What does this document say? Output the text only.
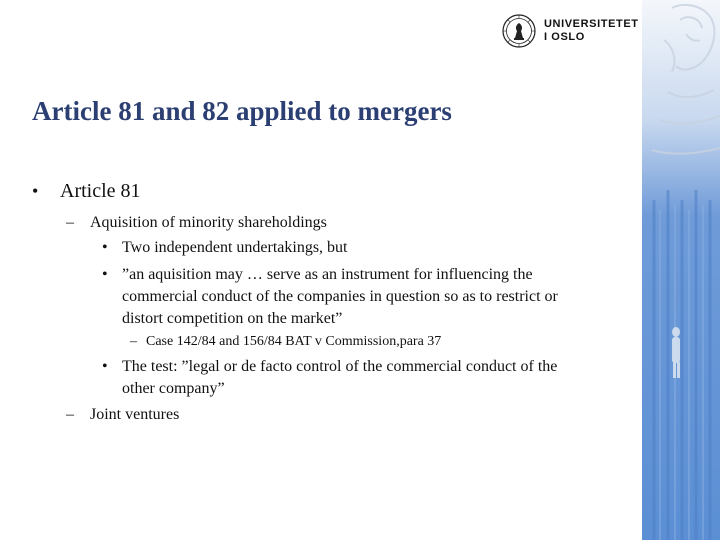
UNIVERSITETET
I OSLO
Article 81 and 82 applied to mergers
• Article 81
– Aquisition of minority shareholdings
• Two independent undertakings, but
• ”an aquisition may … serve as an instrument for influencing the
commercial conduct of the companies in question so as to restrict or
distort competition on the market”
– Case 142/84 and 156/84 BAT v Commission,para 37
• The test: ”legal or de facto control of the commercial conduct of the
other company”
– Joint ventures
